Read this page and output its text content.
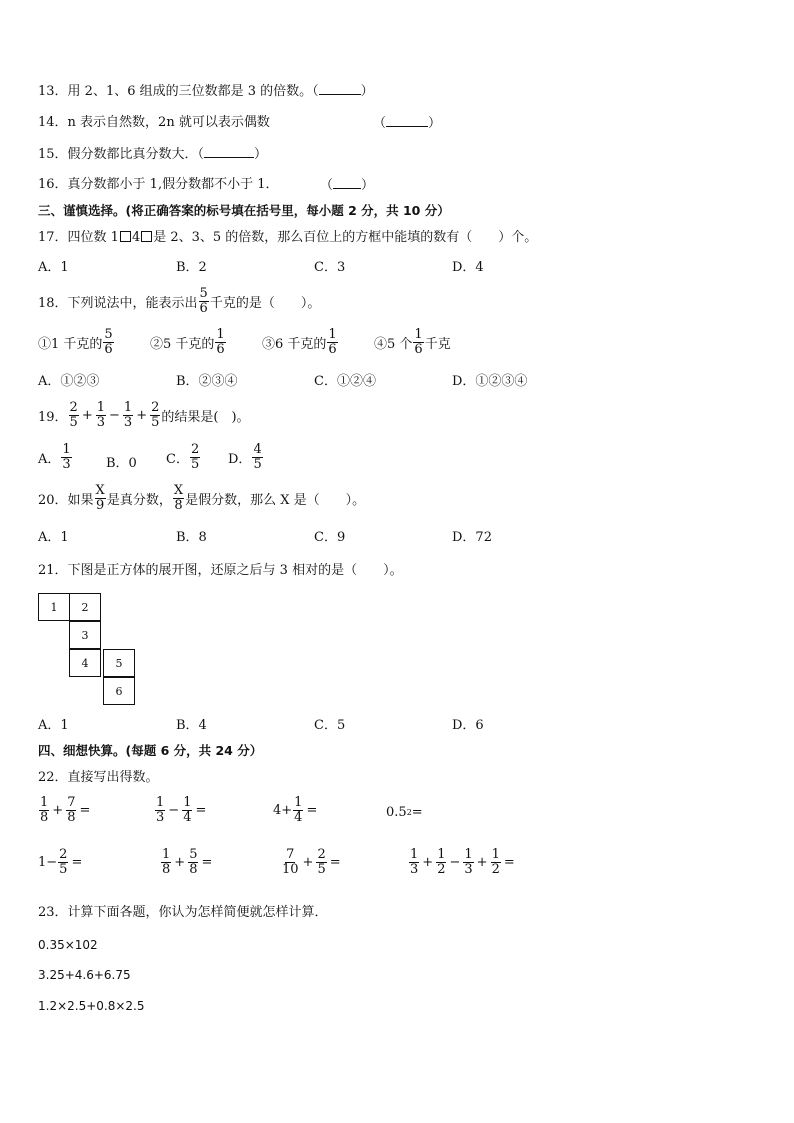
13．用 2、1、6 组成的三位数都是 3 的倍数。（	）
14．n 表示自然数，2n 就可以表示偶数	（	）
15．假分数都比真分数大．（	）
16．真分数都小于 1,假分数都不小于 1．	（ ）
三、谨慎选择。(将正确答案的标号填在括号里，每小题 2 分，共 10 分）
17．四位数 1 4 是 2、3、5 的倍数，那么百位上的方框中能填的数有（　　）个。
A．1	B．2	C．3	D．4
18．下列说法中，能表示出 $\frac{5}{6}$ 千克的是（　　）。
①1 千克的 $\frac{5}{6}$	②5 千克的 $\frac{1}{6}$	③6 千克的 $\frac{1}{6}$	④5 个 $\frac{1}{6}$ 千克
A．①②③	B．②③④	C．①②④	D．①②③④
19． $\frac{2}{5} + \frac{1}{3} - \frac{1}{3} + \frac{2}{5}$ 的结果是(　)。
A． $\frac{1}{3}$	B．0 C． $\frac{2}{5}$ D． $\frac{4}{5}$
20．如果 $\frac{X}{9}$ 是真分数， $\frac{X}{8}$ 是假分数，那么 X 是（　　）。
A．1	B．8	C．9	D．72
21．下图是正方体的展开图，还原之后与 3 相对的是（　　）。
1	2
3
4	5
6
A．1	B．4	C．5	D．6
四、细想快算。(每题 6 分，共 24 分）
22．直接写出得数。
$\frac{1}{8} + \frac{7}{8}$ =	$\frac{1}{3} - \frac{1}{4}$ =	$4+ \frac{1}{4}$ =	0.5 2 =
$1- \frac{2}{5}$ =	$\frac{1}{8} + \frac{5}{8}$ =	$\frac{7}{10} + \frac{2}{5}$ =	$\frac{1}{3} + \frac{1}{2} - \frac{1}{3} + \frac{1}{2}$ =
23．计算下面各题，你认为怎样简便就怎样计算．
0.35×102
3.25+4.6+6.75
1.2×2.5+0.8×2.5
